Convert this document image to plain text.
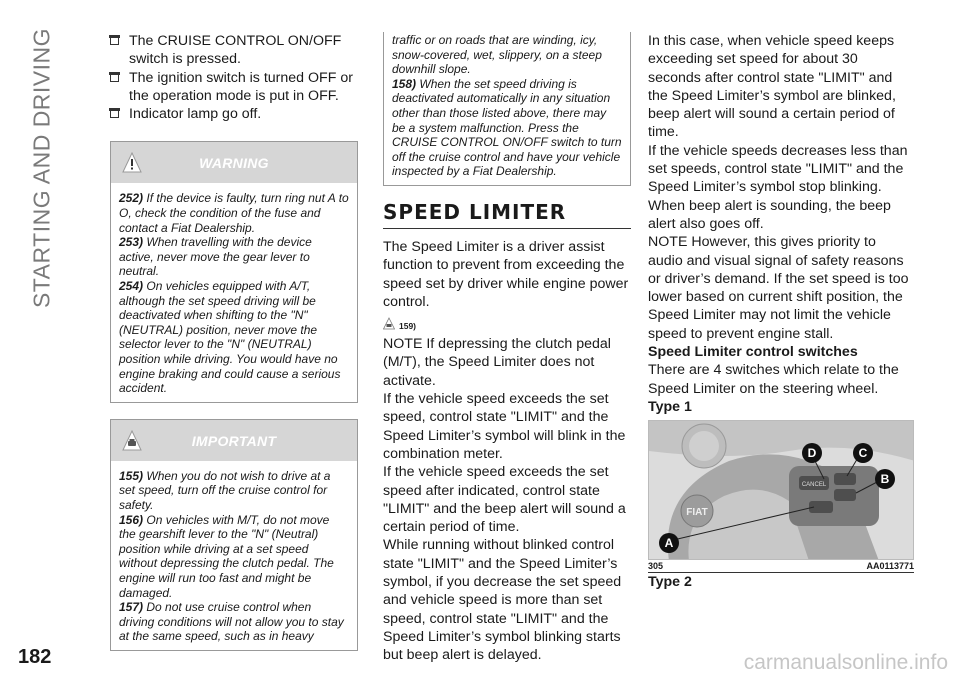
STARTING AND DRIVING	The CRUISE CONTROL ON/OFF switch is pressed.
The ignition switch is turned OFF or the operation mode is put in OFF.
Indicator lamp go off.
WARNING

252) If the device is faulty, turn ring nut A to O, check the condition of the fuse and contact a Fiat Dealership.

253) When travelling with the device active, never move the gear lever to neutral.

254) On vehicles equipped with A/T, although the set speed driving will be deactivated when shifting to the "N" (NEUTRAL) position, never move the selector lever to the "N" (NEUTRAL) position while driving. You would have no engine braking and could cause a serious accident.

IMPORTANT

155) When you do not wish to drive at a set speed, turn off the cruise control for safety.

156) On vehicles with M/T, do not move the gearshift lever to the "N" (Neutral) position while driving at a set speed without depressing the clutch pedal. The engine will run too fast and might be damaged.

157) Do not use cruise control when driving conditions will not allow you to stay at the same speed, such as in heavy

traffic or on roads that are winding, icy, snow-covered, wet, slippery, on a steep downhill slope.

158) When the set speed driving is deactivated automatically in any situation other than those listed above, there may be a system malfunction. Press the CRUISE CONTROL ON/OFF switch to turn off the cruise control and have your vehicle inspected by a Fiat Dealership.

SPEED LIMITER

The Speed Limiter is a driver assist function to prevent from exceeding the speed set by driver while engine power control.

159)

NOTE If depressing the clutch pedal (M/T), the Speed Limiter does not activate.

If the vehicle speed exceeds the set speed, control state "LIMIT" and the Speed Limiter’s symbol will blink in the combination meter.

If the vehicle speed exceeds the set speed after indicated, control state "LIMIT" and the beep alert will sound a certain period of time.

While running without blinked control state "LIMIT" and the Speed Limiter’s symbol, if you decrease the set speed and vehicle speed is more than set speed, control state "LIMIT" and the Speed Limiter’s symbol blinking starts but beep alert is delayed.

In this case, when vehicle speed keeps exceeding set speed for about 30 seconds after control state "LIMIT" and the Speed Limiter’s symbol are blinked, beep alert will sound a certain period of time.

If the vehicle speeds decreases less than set speeds, control state "LIMIT" and the Speed Limiter’s symbol stop blinking. When beep alert is sounding, the beep alert also goes off.

NOTE However, this gives priority to audio and visual signal of safety reasons or driver’s demand. If the set speed is too lower based on current shift position, the Speed Limiter may not limit the vehicle speed to prevent engine stall.

Speed Limiter control switches

There are 4 switches which relate to the Speed Limiter on the steering wheel.

Type 1

FIAT
CANCEL
A
B
C
D
305	AA0113771

Type 2

182	carmanualsonline.info
